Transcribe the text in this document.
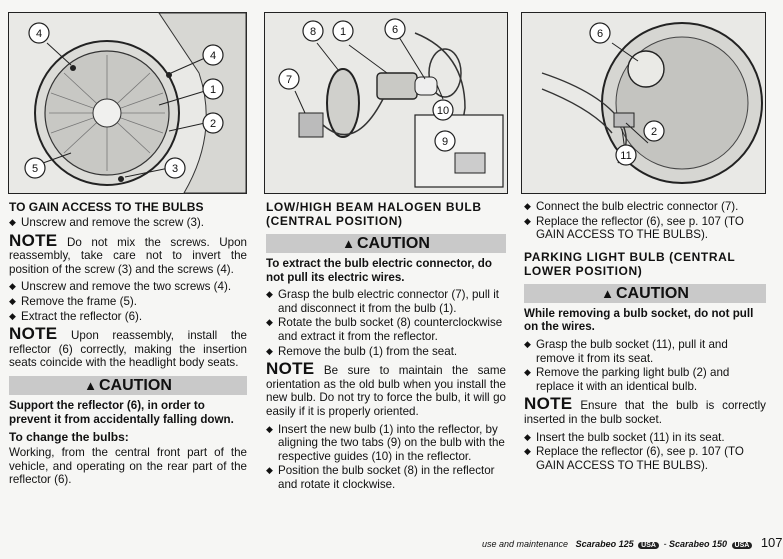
4
4
1
2
5	3
8 1	6
7
10
9
6
2
11
TO GAIN ACCESS TO THE BULBS
◆ Unscrew and remove the screw (3).

NOTE Do not mix the screws. Upon reassembly, take care not to invert the position of the screw (3) and the screws (4).

◆ Unscrew and remove the two screws (4).
◆ Remove the frame (5).
◆ Extract the reflector (6).

NOTE Upon reassembly, install the reflector (6) correctly, making the insertion seats coincide with the headlight body seats.

▲ CAUTION

Support the reflector (6), in order to prevent it from accidentally falling down.

To change the bulbs:

Working, from the central front part of the vehicle, and operating on the rear part of the reflector (6).

LOW/HIGH BEAM HALOGEN BULB (CENTRAL POSITION)
▲ CAUTION

To extract the bulb electric connector, do not pull its electric wires.

◆ Grasp the bulb electric connector (7), pull it and disconnect it from the bulb (1).
◆ Rotate the bulb socket (8) counterclockwise and extract it from the reflector.
◆ Remove the bulb (1) from the seat.

NOTE Be sure to maintain the same orientation as the old bulb when you install the new bulb. Do not try to force the bulb, it will go easily if it is properly oriented.

◆ Insert the new bulb (1) into the reflector, by aligning the two tabs (9) on the bulb with the respective guides (10) in the reflector.
◆ Position the bulb socket (8) in the reflector and rotate it clockwise.
◆ Connect the bulb electric connector (7).
◆ Replace the reflector (6), see p. 107 (TO GAIN ACCESS TO THE BULBS).
PARKING LIGHT BULB (CENTRAL LOWER POSITION)
▲ CAUTION

While removing a bulb socket, do not pull on the wires.

◆ Grasp the bulb socket (11), pull it and remove it from its seat.
◆ Remove the parking light bulb (2) and replace it with an identical bulb.

NOTE Ensure that the bulb is correctly inserted in the bulb socket.

◆ Insert the bulb socket (11) in its seat.
◆ Replace the reflector (6), see p. 107 (TO GAIN ACCESS TO THE BULBS).
use and maintenance Scarabeo 125 USA - Scarabeo 150 USA 107
